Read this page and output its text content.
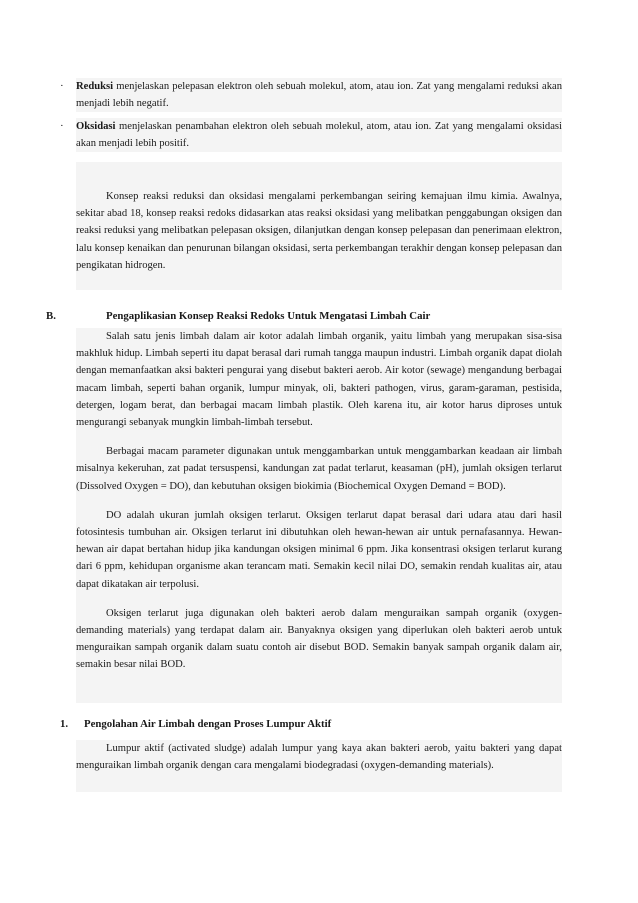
· Reduksi menjelaskan pelepasan elektron oleh sebuah molekul, atom, atau ion. Zat yang mengalami reduksi akan menjadi lebih negatif.

· Oksidasi menjelaskan penambahan elektron oleh sebuah molekul, atom, atau ion. Zat yang mengalami oksidasi akan menjadi lebih positif.

Konsep reaksi reduksi dan oksidasi mengalami perkembangan seiring kemajuan ilmu kimia. Awalnya, sekitar abad 18, konsep reaksi redoks didasarkan atas reaksi oksidasi yang melibatkan penggabungan oksigen dan reaksi reduksi yang melibatkan pelepasan oksigen, dilanjutkan dengan konsep pelepasan dan penerimaan elektron, lalu konsep kenaikan dan penurunan bilangan oksidasi, serta perkembangan terakhir dengan konsep pelepasan dan pengikatan hidrogen.

B.	Pengaplikasian Konsep Reaksi Redoks Untuk Mengatasi Limbah Cair

Salah satu jenis limbah dalam air kotor adalah limbah organik, yaitu limbah yang merupakan sisa-sisa makhluk hidup. Limbah seperti itu dapat berasal dari rumah tangga maupun industri. Limbah organik dapat diolah dengan memanfaatkan aksi bakteri pengurai yang disebut bakteri aerob. Air kotor (sewage) mengandung berbagai macam limbah, seperti bahan organik, lumpur minyak, oli, bakteri pathogen, virus, garam-garaman, pestisida, detergen, logam berat, dan berbagai macam limbah plastik. Oleh karena itu, air kotor harus diproses untuk mengurangi sebanyak mungkin limbah-limbah tersebut.

Berbagai macam parameter digunakan untuk menggambarkan untuk menggambarkan keadaan air limbah misalnya kekeruhan, zat padat tersuspensi, kandungan zat padat terlarut, keasaman (pH), jumlah oksigen terlarut (Dissolved Oxygen = DO), dan kebutuhan oksigen biokimia (Biochemical Oxygen Demand = BOD).

DO adalah ukuran jumlah oksigen terlarut. Oksigen terlarut dapat berasal dari udara atau dari hasil fotosintesis tumbuhan air. Oksigen terlarut ini dibutuhkan oleh hewan-hewan air untuk pernafasannya. Hewan-hewan air dapat bertahan hidup jika kandungan oksigen minimal 6 ppm. Jika konsentrasi oksigen terlarut kurang dari 6 ppm, kehidupan organisme akan terancam mati. Semakin kecil nilai DO, semakin rendah kualitas air, atau dapat dikatakan air terpolusi.

Oksigen terlarut juga digunakan oleh bakteri aerob dalam menguraikan sampah organik (oxygen-demanding materials) yang terdapat dalam air. Banyaknya oksigen yang diperlukan oleh bakteri aerob untuk menguraikan sampah organik dalam suatu contoh air disebut BOD. Semakin banyak sampah organik dalam air, semakin besar nilai BOD.

1. Pengolahan Air Limbah dengan Proses Lumpur Aktif

Lumpur aktif (activated sludge) adalah lumpur yang kaya akan bakteri aerob, yaitu bakteri yang dapat menguraikan limbah organik dengan cara mengalami biodegradasi (oxygen-demanding materials).
